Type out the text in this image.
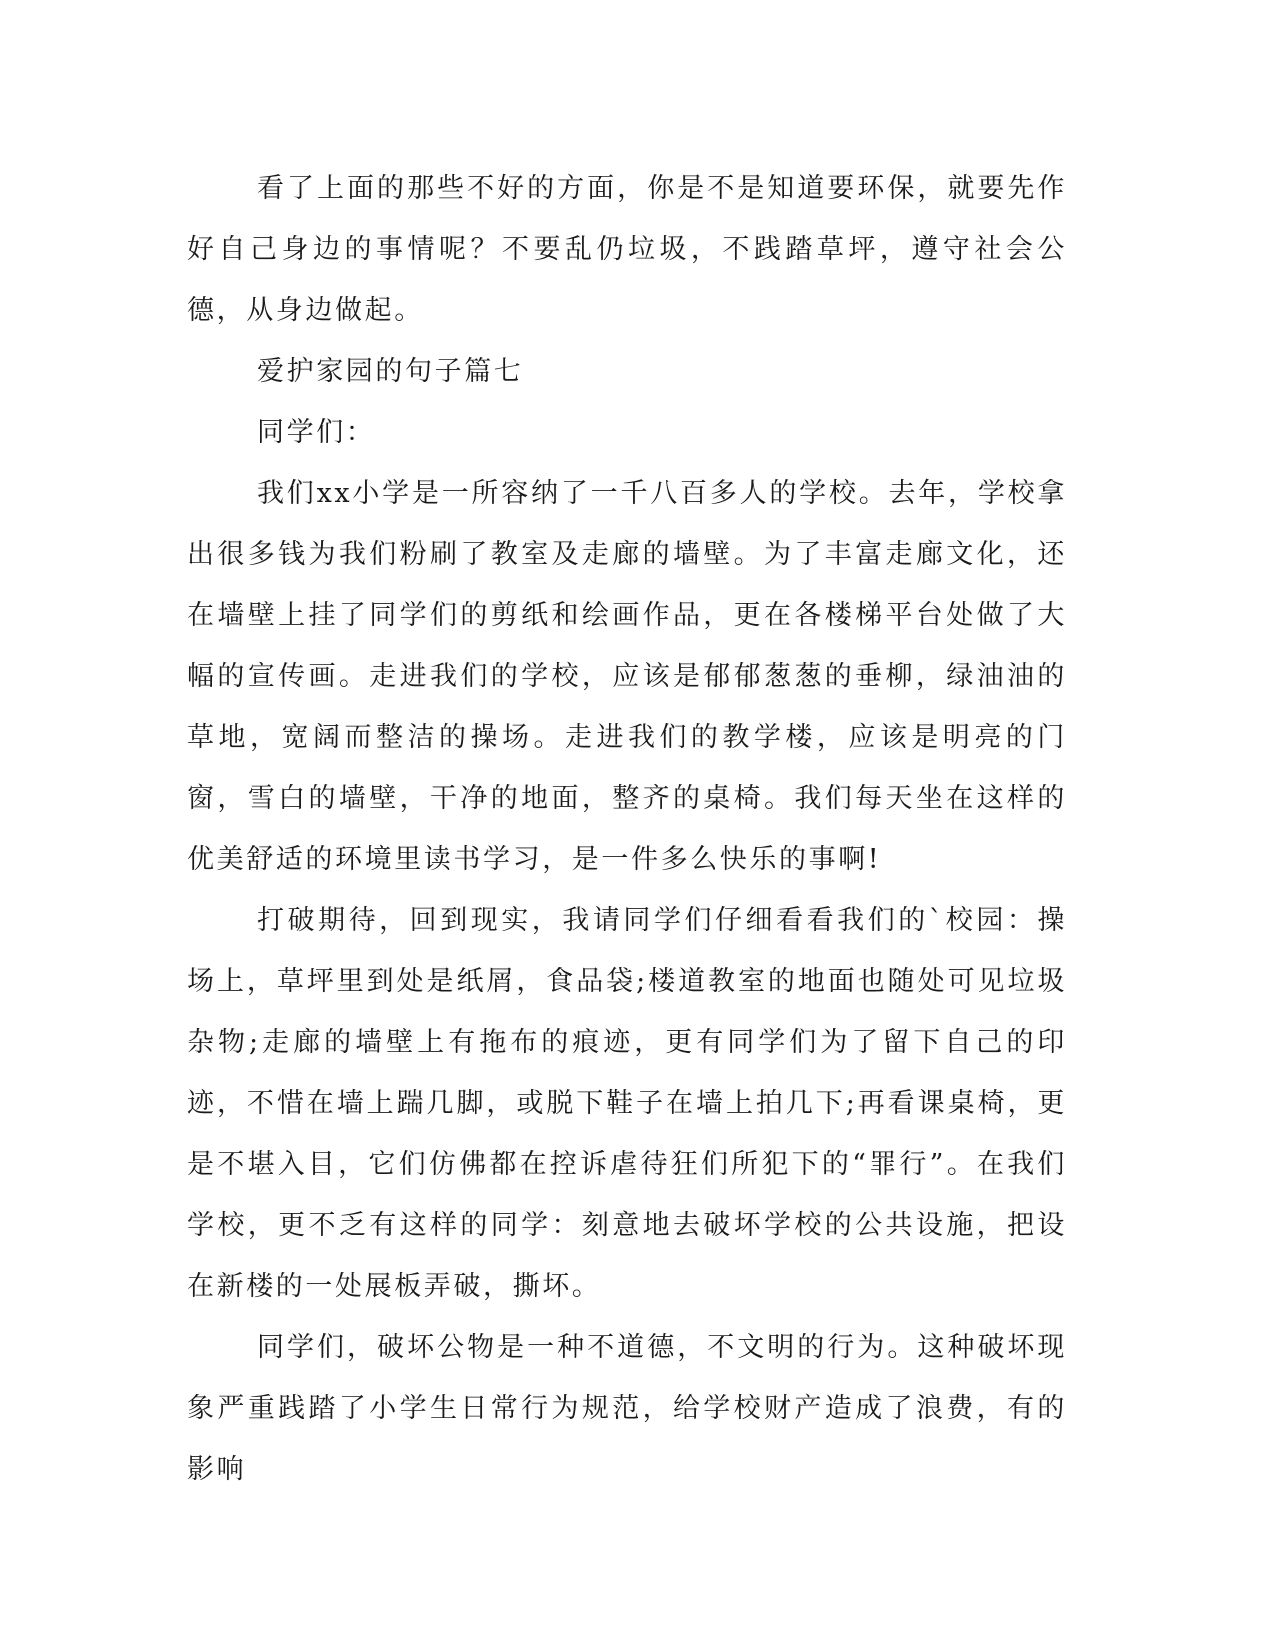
看了上面的那些不好的方面，你是不是知道要环保，就要先作好自己身边的事情呢？不要乱仍垃圾，不践踏草坪，遵守社会公德，从身边做起。

爱护家园的句子篇七

同学们：

我们xx小学是一所容纳了一千八百多人的学校。去年，学校拿出很多钱为我们粉刷了教室及走廊的墙壁。为了丰富走廊文化，还在墙壁上挂了同学们的剪纸和绘画作品，更在各楼梯平台处做了大幅的宣传画。走进我们的学校，应该是郁郁葱葱的垂柳，绿油油的草地，宽阔而整洁的操场。走进我们的教学楼，应该是明亮的门窗，雪白的墙壁，干净的地面，整齐的桌椅。我们每天坐在这样的优美舒适的环境里读书学习，是一件多么快乐的事啊!

打破期待，回到现实，我请同学们仔细看看我们的`校园：操场上，草坪里到处是纸屑，食品袋;楼道教室的地面也随处可见垃圾杂物;走廊的墙壁上有拖布的痕迹，更有同学们为了留下自己的印迹，不惜在墙上踹几脚，或脱下鞋子在墙上拍几下;再看课桌椅，更是不堪入目，它们仿佛都在控诉虐待狂们所犯下的“罪行”。在我们学校，更不乏有这样的同学：刻意地去破坏学校的公共设施，把设在新楼的一处展板弄破，撕坏。

同学们，破坏公物是一种不道德，不文明的行为。这种破坏现象严重践踏了小学生日常行为规范，给学校财产造成了浪费，有的影响
